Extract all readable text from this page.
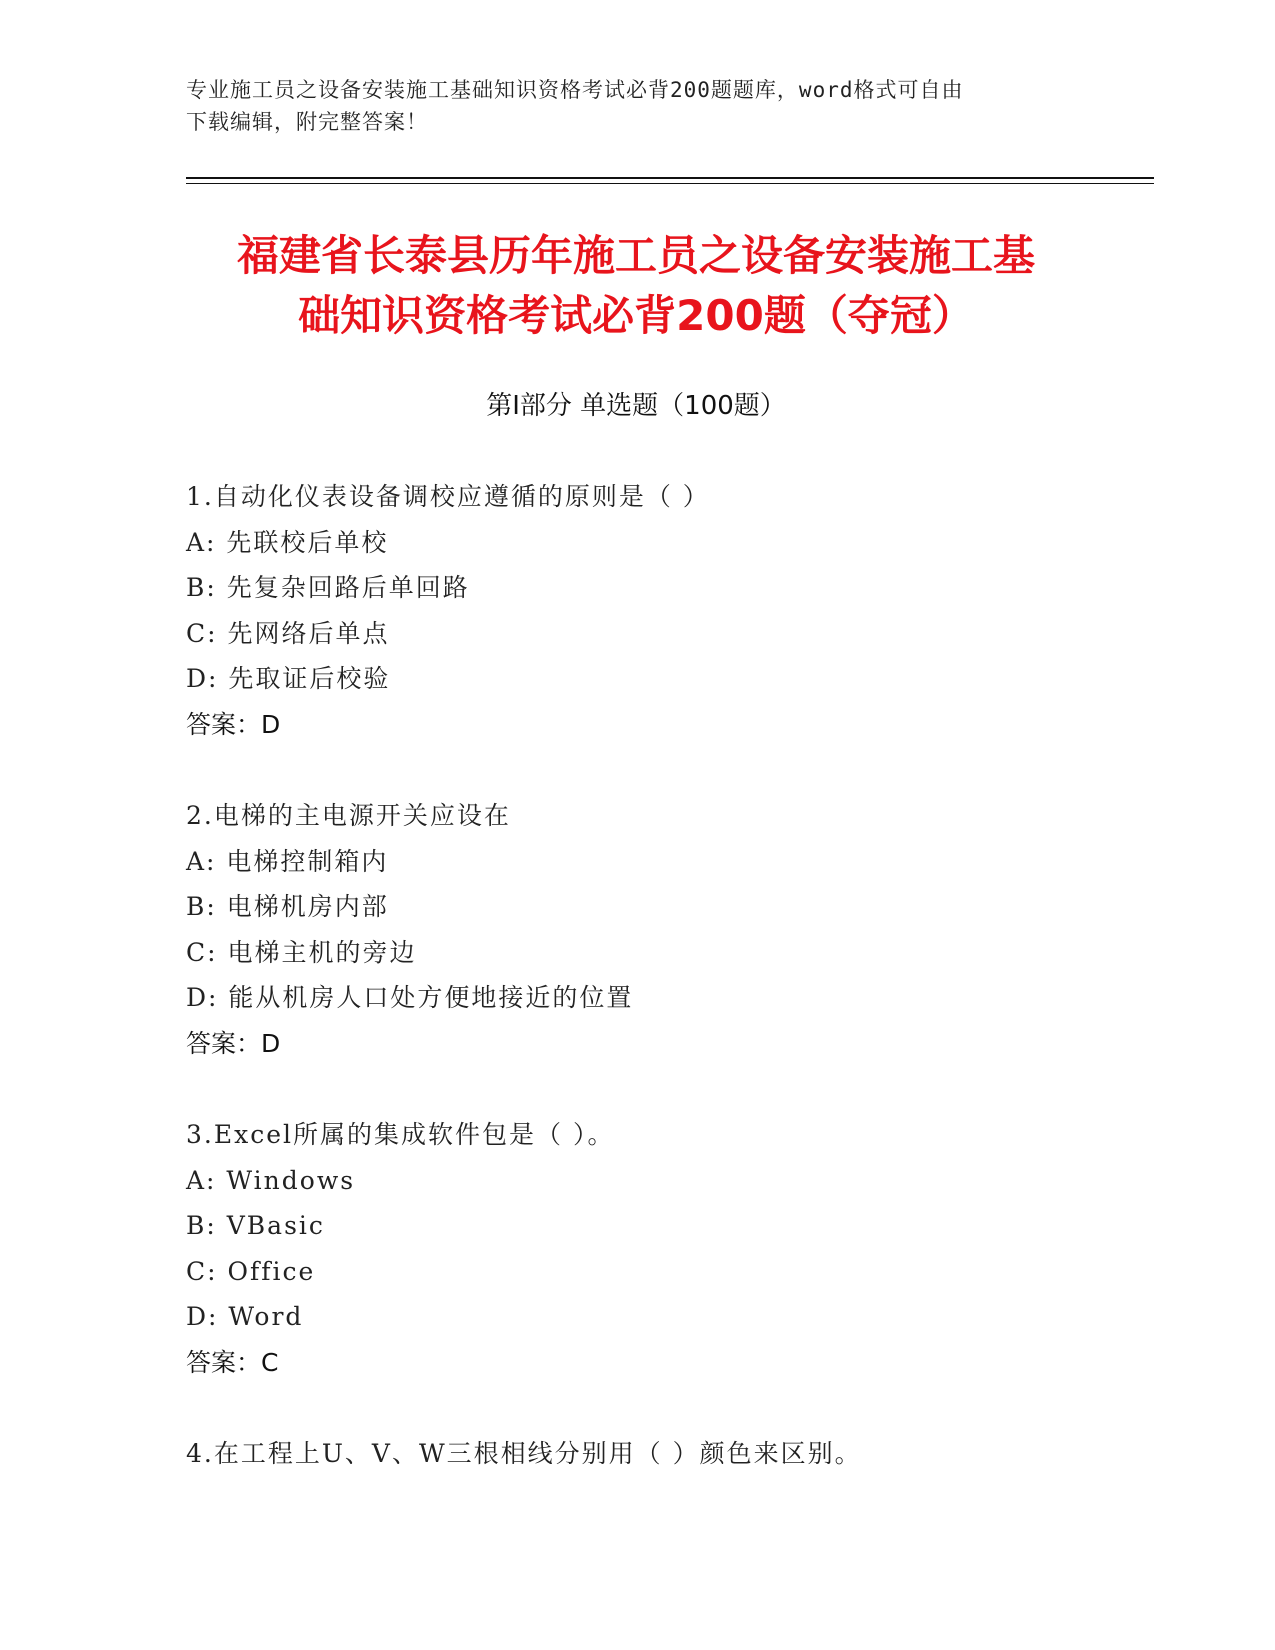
专业施工员之设备安装施工基础知识资格考试必背200题题库，word格式可自由
下载编辑，附完整答案！
福建省长泰县历年施工员之设备安装施工基
础知识资格考试必背200题（夺冠）
第Ⅰ部分 单选题（100题）
1.自动化仪表设备调校应遵循的原则是（ ）
A: 先联校后单校
B: 先复杂回路后单回路
C: 先网络后单点
D: 先取证后校验
答案：D
2.电梯的主电源开关应设在
A: 电梯控制箱内
B: 电梯机房内部
C: 电梯主机的旁边
D: 能从机房人口处方便地接近的位置
答案：D
3.Excel所属的集成软件包是（ ）。
A: Windows
B: VBasic
C: Office
D: Word
答案：C
4.在工程上U、V、W三根相线分别用（ ）颜色来区别。
